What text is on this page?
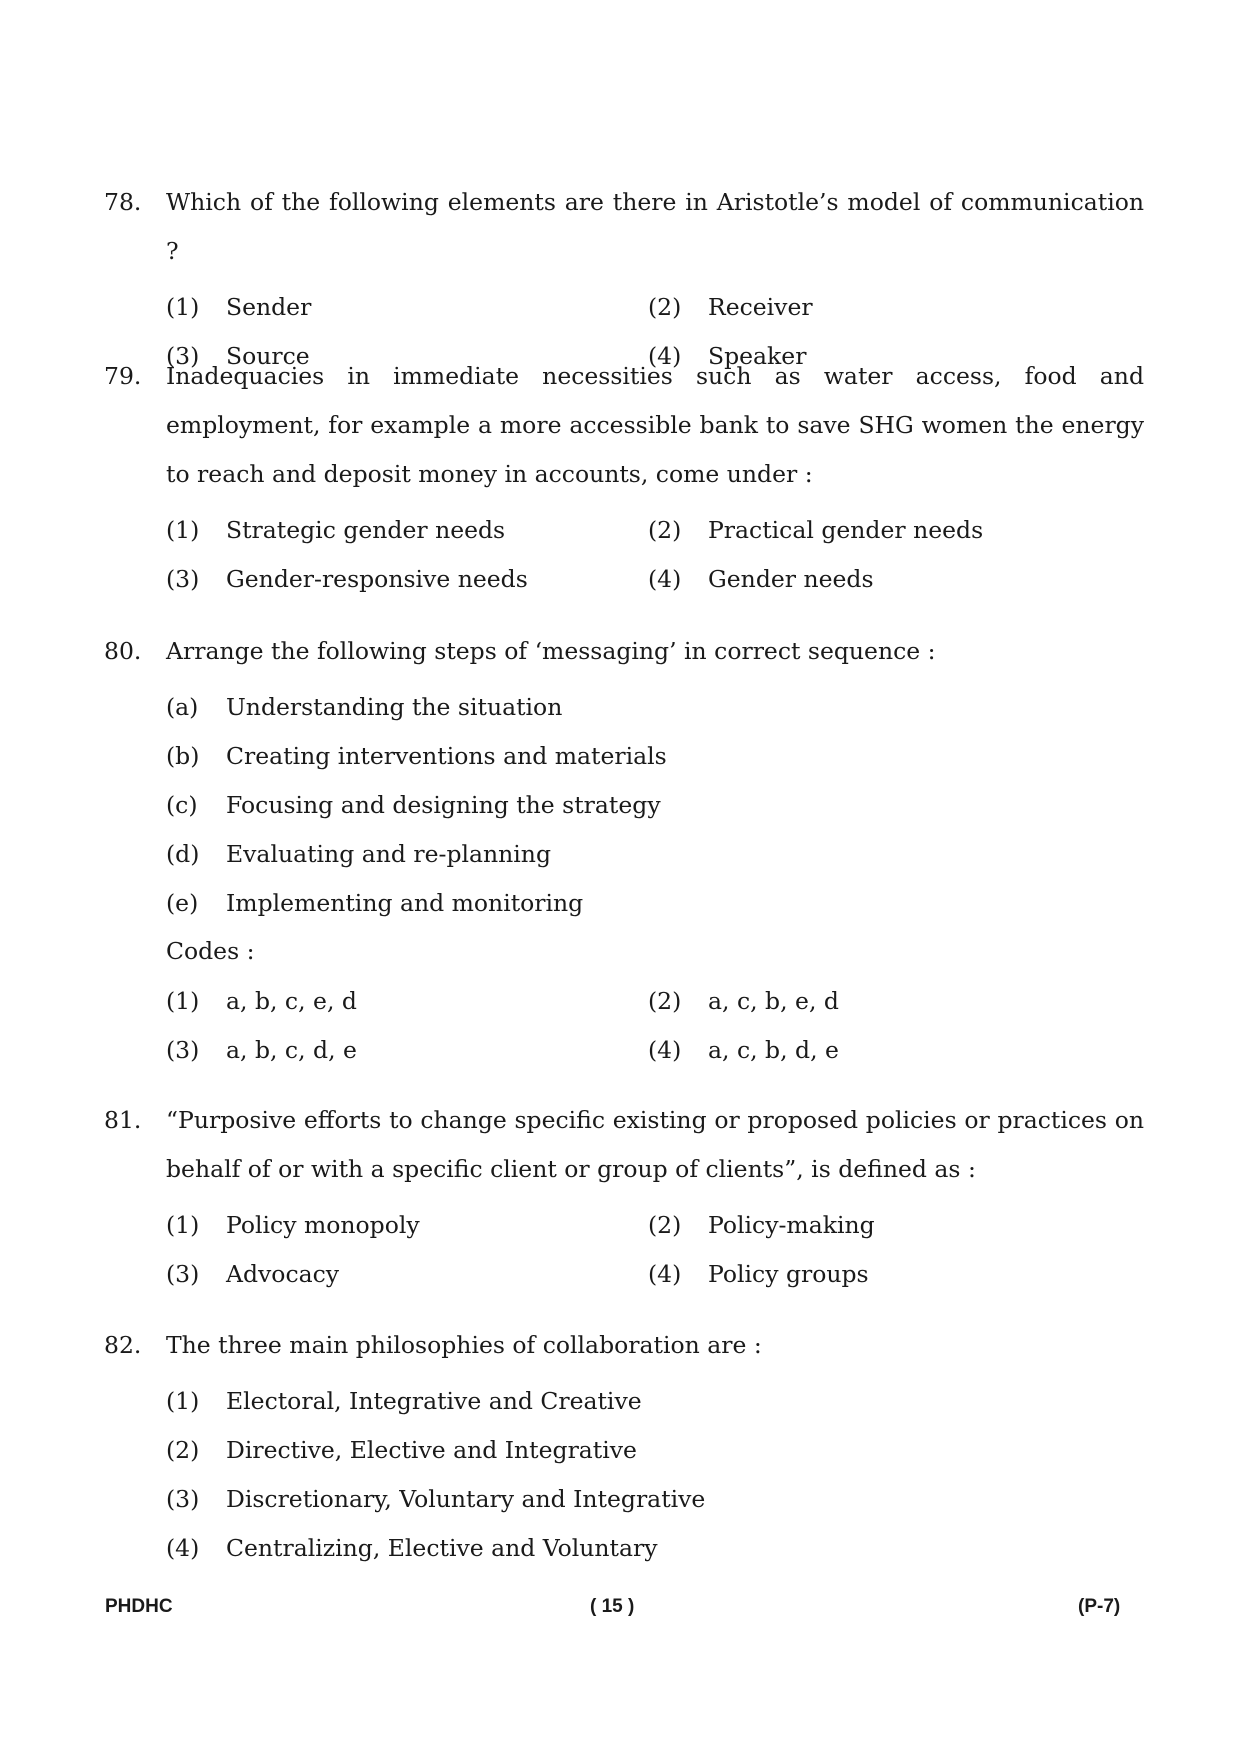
78. Which of the following elements are there in Aristotle’s model of communication ?
(1)	Sender	(2)	Receiver
(3)	Source	(4)	Speaker
79. Inadequacies in immediate necessities such as water access, food and employment, for example a more accessible bank to save SHG women the energy to reach and deposit money in accounts, come under :
(1)	Strategic gender needs	(2)	Practical gender needs
(3)	Gender-responsive needs	(4)	Gender needs
80. Arrange the following steps of ‘messaging’ in correct sequence :
(a)	Understanding the situation
(b)	Creating interventions and materials
(c)	Focusing and designing the strategy
(d)	Evaluating and re-planning
(e)	Implementing and monitoring
Codes :
(1)	a, b, c, e, d	(2)	a, c, b, e, d
(3)	a, b, c, d, e	(4)	a, c, b, d, e
81. “Purposive efforts to change specific existing or proposed policies or practices on behalf of or with a specific client or group of clients”, is defined as :
(1)	Policy monopoly	(2)	Policy-making
(3)	Advocacy	(4)	Policy groups
82. The three main philosophies of collaboration are :
(1)	Electoral, Integrative and Creative
(2)	Directive, Elective and Integrative
(3)	Discretionary, Voluntary and Integrative
(4)	Centralizing, Elective and Voluntary
PHDHC	( 15 )	(P-7)
